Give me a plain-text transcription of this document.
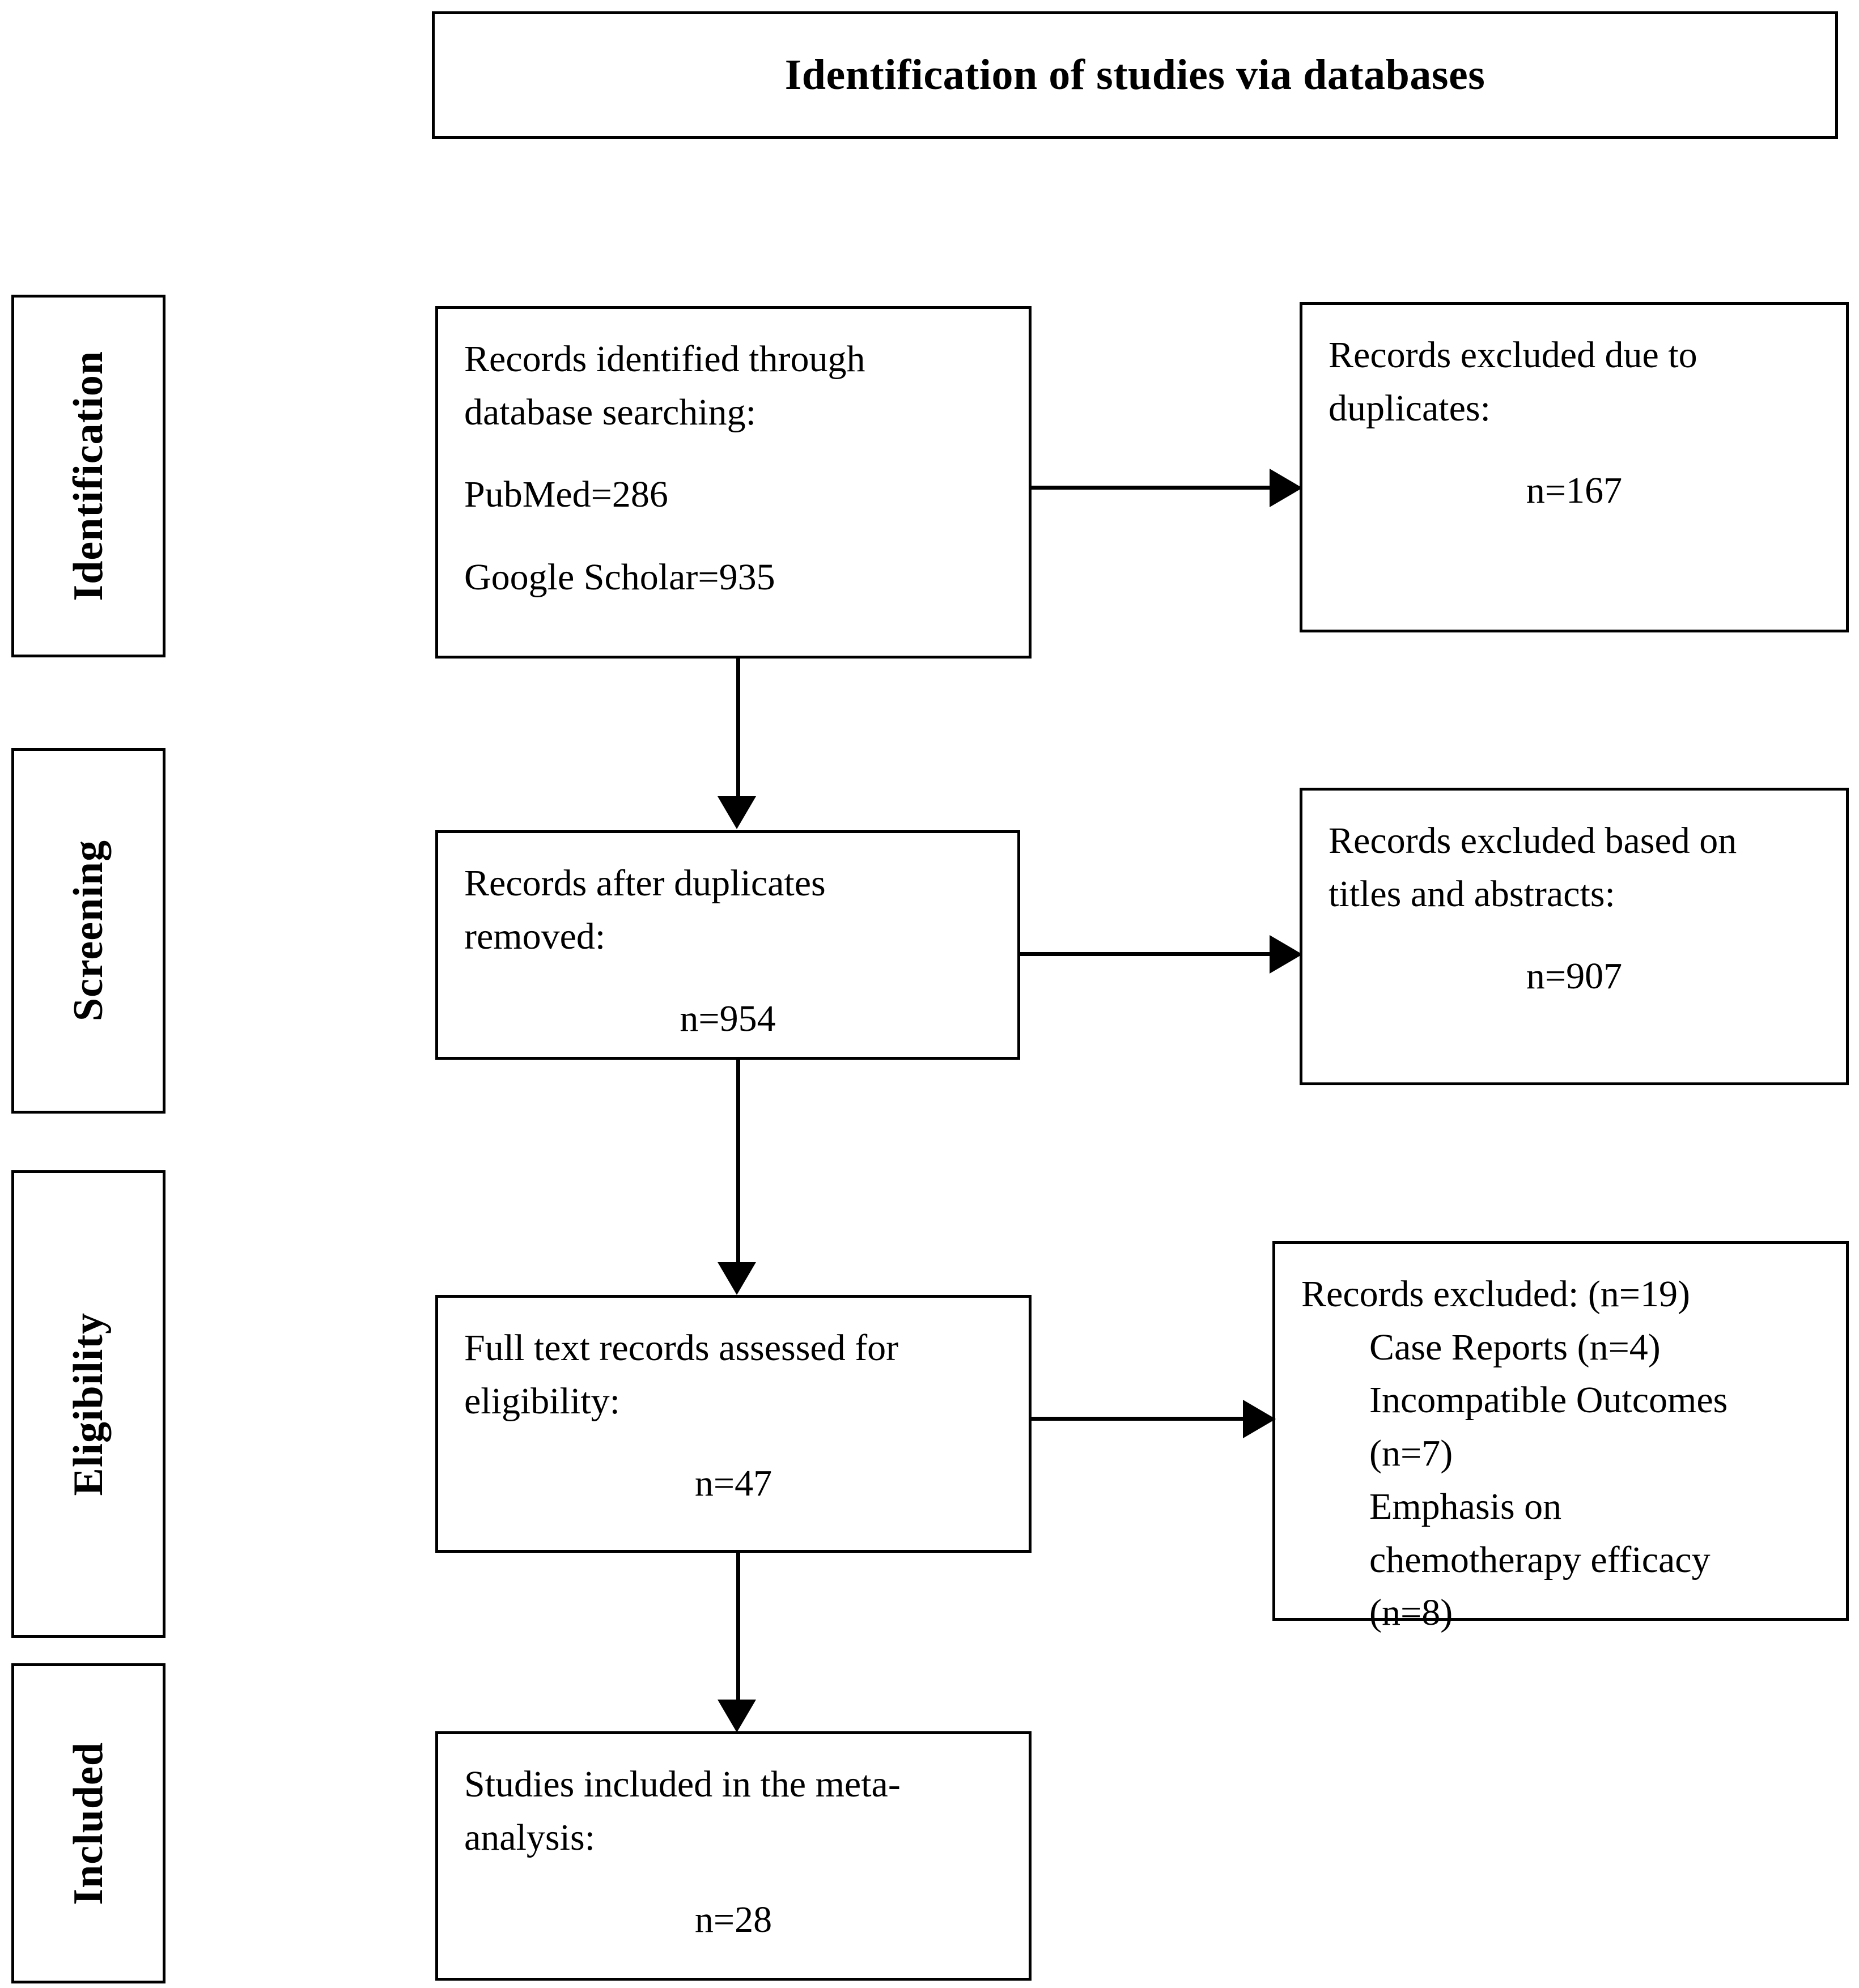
Identification of studies via databases
Identification
Screening
Eligibility
Included

Records identified through

database searching:

PubMed=286

Google Scholar=935

Records excluded due to

duplicates:

n=167

Records after duplicates

removed:

n=954

Records excluded based on

titles and abstracts:

n=907

Full text records assessed for

eligibility:

n=47

Records excluded: (n=19)

Case Reports (n=4)

Incompatible Outcomes

(n=7)

Emphasis on

chemotherapy efficacy

(n=8)

Studies included in the meta-

analysis:

n=28
